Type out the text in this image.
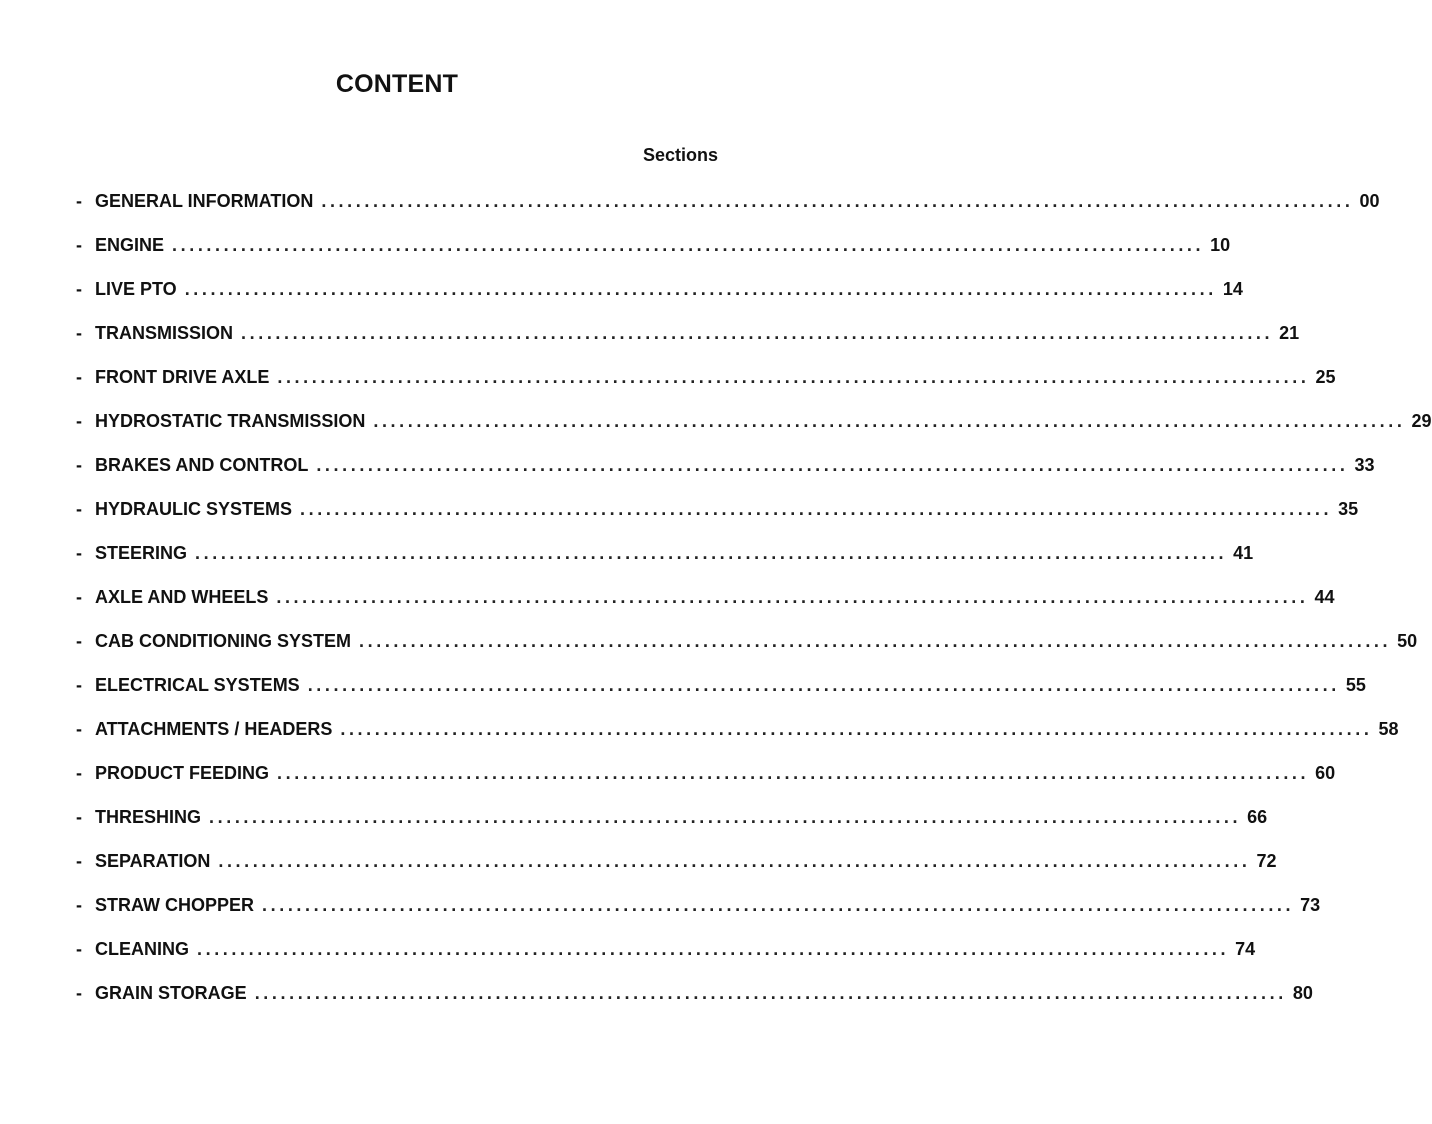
CONTENT
Sections
- GENERAL INFORMATION ........................................................................................................................ 00
- ENGINE ........................................................................................................................ 10
- LIVE PTO ........................................................................................................................ 14
- TRANSMISSION ........................................................................................................................ 21
- FRONT DRIVE AXLE ........................................................................................................................ 25
- HYDROSTATIC TRANSMISSION ........................................................................................................................ 29
- BRAKES AND CONTROL ........................................................................................................................ 33
- HYDRAULIC SYSTEMS ........................................................................................................................ 35
- STEERING ........................................................................................................................ 41
- AXLE AND WHEELS ........................................................................................................................ 44
- CAB CONDITIONING SYSTEM ........................................................................................................................ 50
- ELECTRICAL SYSTEMS ........................................................................................................................ 55
- ATTACHMENTS / HEADERS ........................................................................................................................ 58
- PRODUCT FEEDING ........................................................................................................................ 60
- THRESHING ........................................................................................................................ 66
- SEPARATION ........................................................................................................................ 72
- STRAW CHOPPER ........................................................................................................................ 73
- CLEANING ........................................................................................................................ 74
- GRAIN STORAGE ........................................................................................................................ 80
